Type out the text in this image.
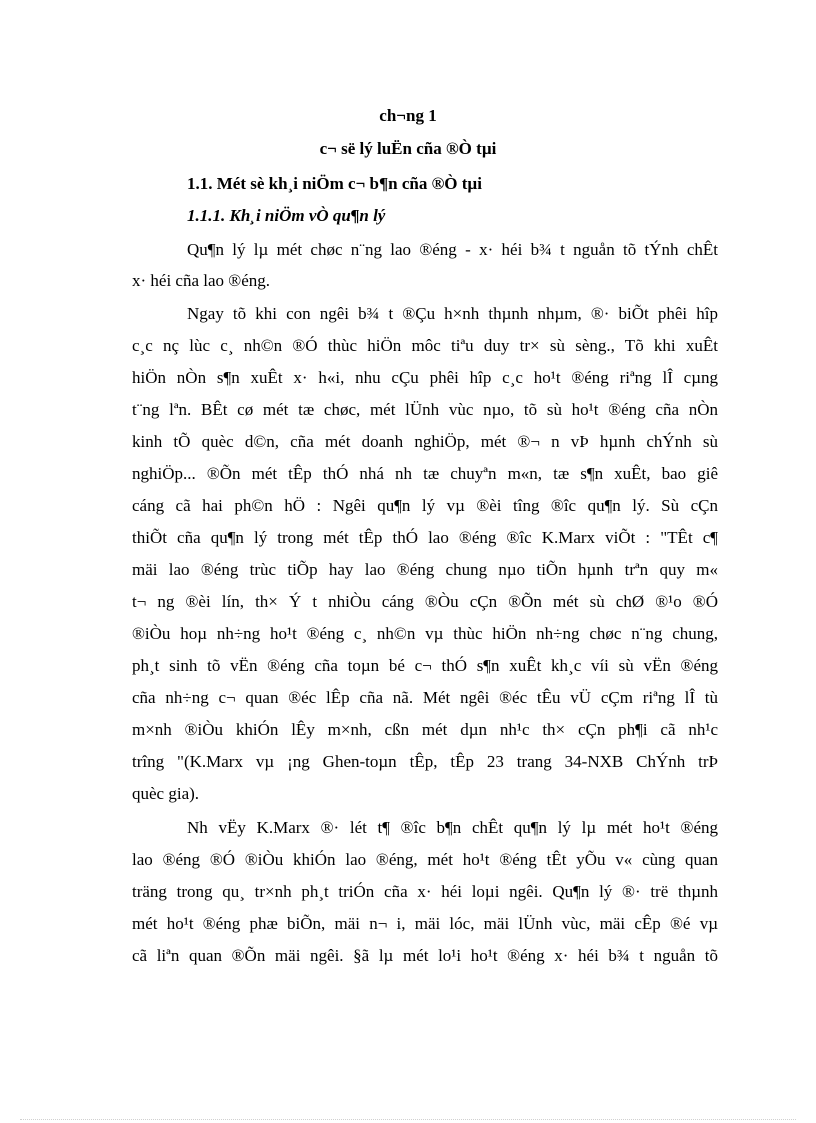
ch¬ng 1
c¬ së lý luËn cña ®Ò tµi
1.1. Mét sè kh¸i niÖm c¬ b¶n cña ®Ò tµi
1.1.1. Kh¸i niÖm vÒ qu¶n lý
Qu¶n lý lµ mét chøc n¨ng lao ®éng - x· héi b¾ t nguån tõ tÝnh chÊt
x· héi cña lao ®éng.
Ngay tõ khi con ngêi b¾ t ®Çu h×nh thµnh nhµm, ®· biÕt phêi hîp
c¸c nç lùc c¸ nh©n ®Ó thùc hiÖn môc tiªu duy tr× sù sèng., Tõ khi xuÊt
hiÖn nÒn s¶n xuÊt x· h«i, nhu cÇu phêi hîp c¸c ho¹t ®éng riªng lÎ cµng
t¨ng lªn. BÊt cø mét tæ chøc, mét lÜnh vùc nµo, tõ sù ho¹t ®éng cña nÒn
kinh tÕ quèc d©n, cña mét doanh nghiÖp, mét ®¬ n vÞ hµnh chÝnh sù
nghiÖp... ®Õn mét tÊp thÓ nhá nh tæ chuyªn m«n, tæ s¶n xuÊt, bao giê
cáng cã hai ph©n hÖ : Ngêi qu¶n lý vµ ®èi tîng ®îc qu¶n lý. Sù cÇn
thiÕt cña qu¶n lý trong mét tÊp thÓ lao ®éng ®îc K.Marx viÕt : "TÊt c¶
mäi lao ®éng trùc tiÕp hay lao ®éng chung nµo tiÕn hµnh trªn quy m«
t¬ ng ®èi lín, th× Ý t nhiÒu cáng ®Òu cÇn ®Õn mét sù chØ ®¹o ®Ó
®iÒu hoµ nh÷ng ho¹t ®éng c¸ nh©n vµ thùc hiÖn nh÷ng chøc n¨ng chung,
ph¸t sinh tõ vËn ®éng cña toµn bé c¬ thÓ s¶n xuÊt kh¸c víi sù vËn ®éng
cña nh÷ng c¬ quan ®éc lÊp cña nã. Mét ngêi ®éc tÊu vÜ cÇm riªng lÎ tù
m×nh ®iÒu khiÓn lÊy m×nh, cßn mét dµn nh¹c th× cÇn ph¶i cã nh¹c
trîng "(K.Marx vµ ¡ng Ghen-toµn tÊp, tÊp 23 trang 34-NXB ChÝnh trÞ
quèc gia).
Nh vËy K.Marx ®· lét t¶ ®îc b¶n chÊt qu¶n lý lµ mét ho¹t ®éng
lao ®éng ®Ó ®iÒu khiÓn lao ®éng, mét ho¹t ®éng tÊt yÕu v« cùng quan
träng trong qu¸ tr×nh ph¸t triÓn cña x· héi loµi ngêi. Qu¶n lý ®· trë thµnh
mét ho¹t ®éng phæ biÕn, mäi n¬ i, mäi lóc, mäi lÜnh vùc, mäi cÊp ®é vµ
cã liªn quan ®Õn mäi ngêi. §ã lµ mét lo¹i ho¹t ®éng x· héi b¾ t nguån tõ
